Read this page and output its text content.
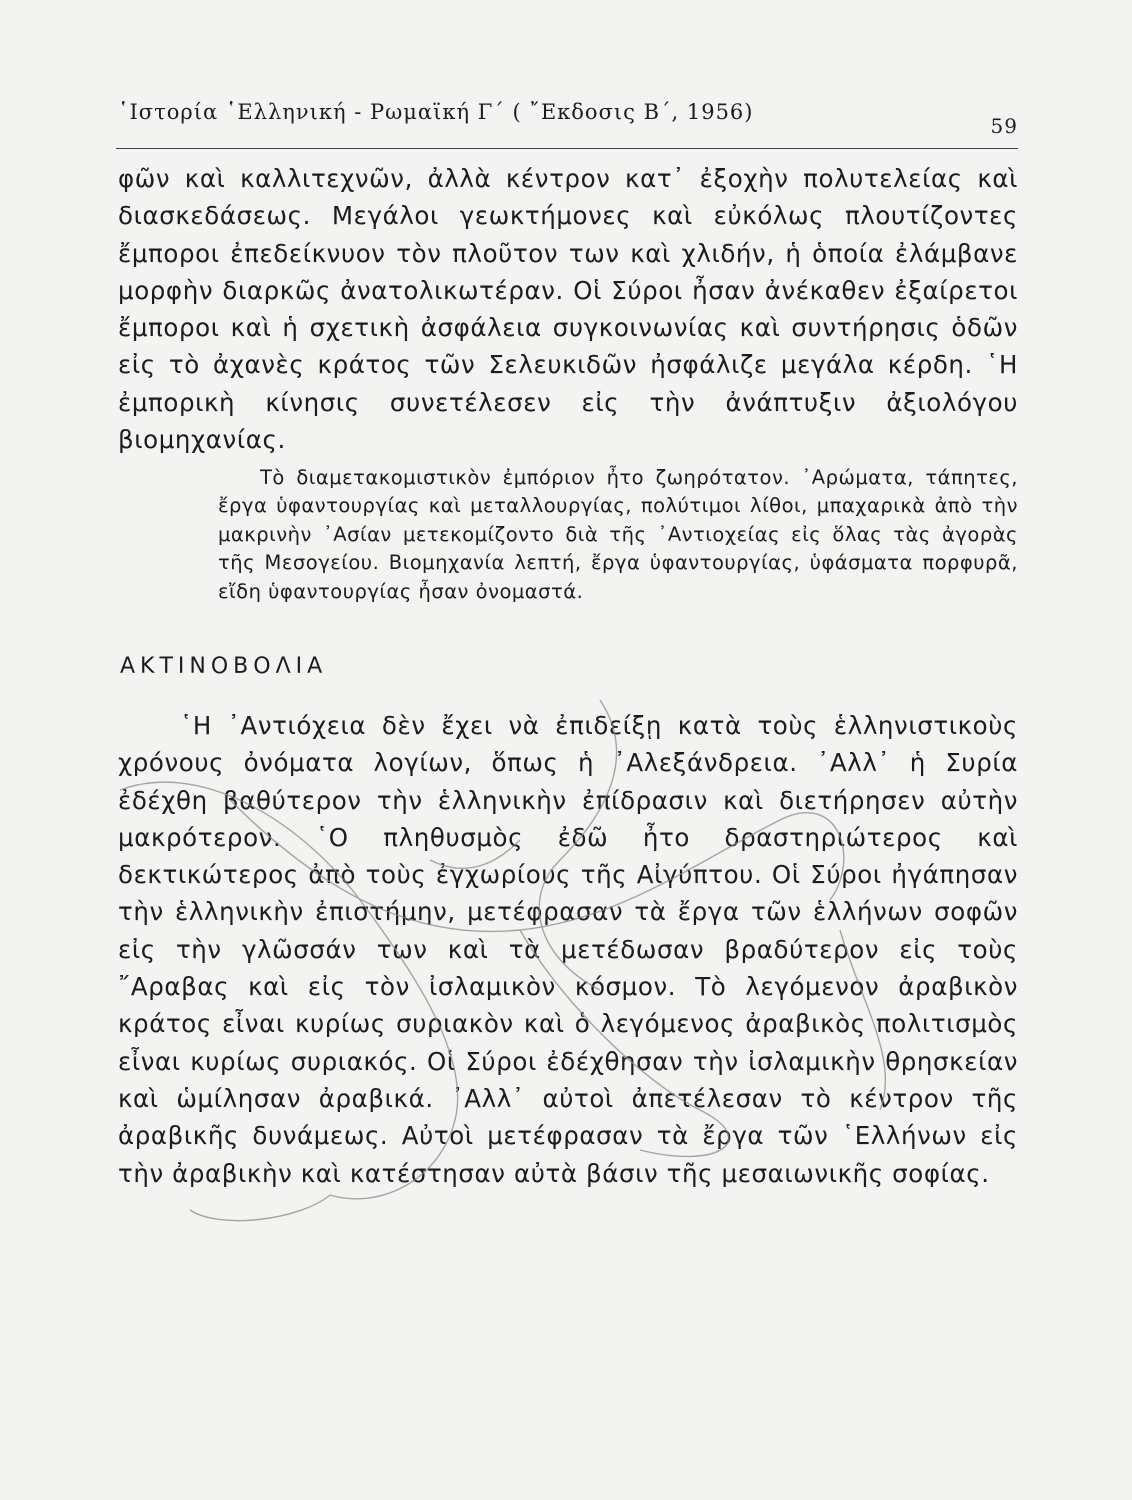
῾Ιστορία ῾Ελληνική - Ρωμαϊκή Γ΄ ( ῎Εκδοσις Β΄, 1956)
59

φῶν καὶ καλλιτεχνῶν, ἀλλὰ κέντρον κατ᾽ ἐξοχὴν πολυτελείας καὶ διασκεδάσεως. Μεγάλοι γεωκτήμονες καὶ εὐκόλως πλουτίζοντες ἔμποροι ἐπεδείκνυον τὸν πλοῦτον των καὶ χλιδήν, ἡ ὁποία ἐλάμβανε μορφὴν διαρκῶς ἀνατολικωτέραν. Οἱ Σύροι ἦσαν ἀνέκαθεν ἐξαίρετοι ἔμποροι καὶ ἡ σχετικὴ ἀσφάλεια συγκοινωνίας καὶ συντήρησις ὁδῶν εἰς τὸ ἀχανὲς κράτος τῶν Σελευκιδῶν ἠσφάλιζε μεγάλα κέρδη. ῾Η ἐμπορικὴ κίνησις συνετέλεσεν εἰς τὴν ἀνάπτυξιν ἀξιολόγου βιομηχανίας.

Τὸ διαμετακομιστικὸν ἐμπόριον ἦτο ζωηρότατον. ᾿Αρώματα, τάπητες, ἔργα ὑφαντουργίας καὶ μεταλλουργίας, πολύτιμοι λίθοι, μπαχαρικὰ ἀπὸ τὴν μακρινὴν ᾿Ασίαν μετεκομίζοντο διὰ τῆς ᾿Αντιοχείας εἰς ὅλας τὰς ἀγορὰς τῆς Μεσογείου. Βιομηχανία λεπτή, ἔργα ὑφαντουργίας, ὑφάσματα πορφυρᾶ, εἴδη ὑφαντουργίας ἦσαν ὀνομαστά.

ΑΚΤΙΝΟΒΟΛΙΑ

῾Η ᾿Αντιόχεια δὲν ἔχει νὰ ἐπιδείξῃ κατὰ τοὺς ἑλληνιστικοὺς χρόνους ὀνόματα λογίων, ὅπως ἡ ᾿Αλεξάνδρεια. ᾿Αλλ᾽ ἡ Συρία ἐδέχθη βαθύτερον τὴν ἑλληνικὴν ἐπίδρασιν καὶ διετήρησεν αὐτὴν μακρότερον. ῾Ο πληθυσμὸς ἐδῶ ἦτο δραστηριώτερος καὶ δεκτικώτερος ἀπὸ τοὺς ἐγχωρίους τῆς Αἰγύπτου. Οἱ Σύροι ἠγάπησαν τὴν ἑλληνικὴν ἐπιστήμην, μετέφρασαν τὰ ἔργα τῶν ἑλλήνων σοφῶν εἰς τὴν γλῶσσάν των καὶ τὰ μετέδωσαν βραδύτερον εἰς τοὺς ῎Αραβας καὶ εἰς τὸν ἰσλαμικὸν κόσμον. Τὸ λεγόμενον ἀραβικὸν κράτος εἶναι κυρίως συριακὸν καὶ ὁ λεγόμενος ἀραβικὸς πολιτισμὸς εἶναι κυρίως συριακός. Οἱ Σύροι ἐδέχθησαν τὴν ἰσλαμικὴν θρησκείαν καὶ ὡμίλησαν ἀραβικά. ᾿Αλλ᾽ αὐτοὶ ἀπετέλεσαν τὸ κέντρον τῆς ἀραβικῆς δυνάμεως. Αὐτοὶ μετέφρασαν τὰ ἔργα τῶν ῾Ελλήνων εἰς τὴν ἀραβικὴν καὶ κατέστησαν αὐτὰ βάσιν τῆς μεσαιωνικῆς σοφίας.
